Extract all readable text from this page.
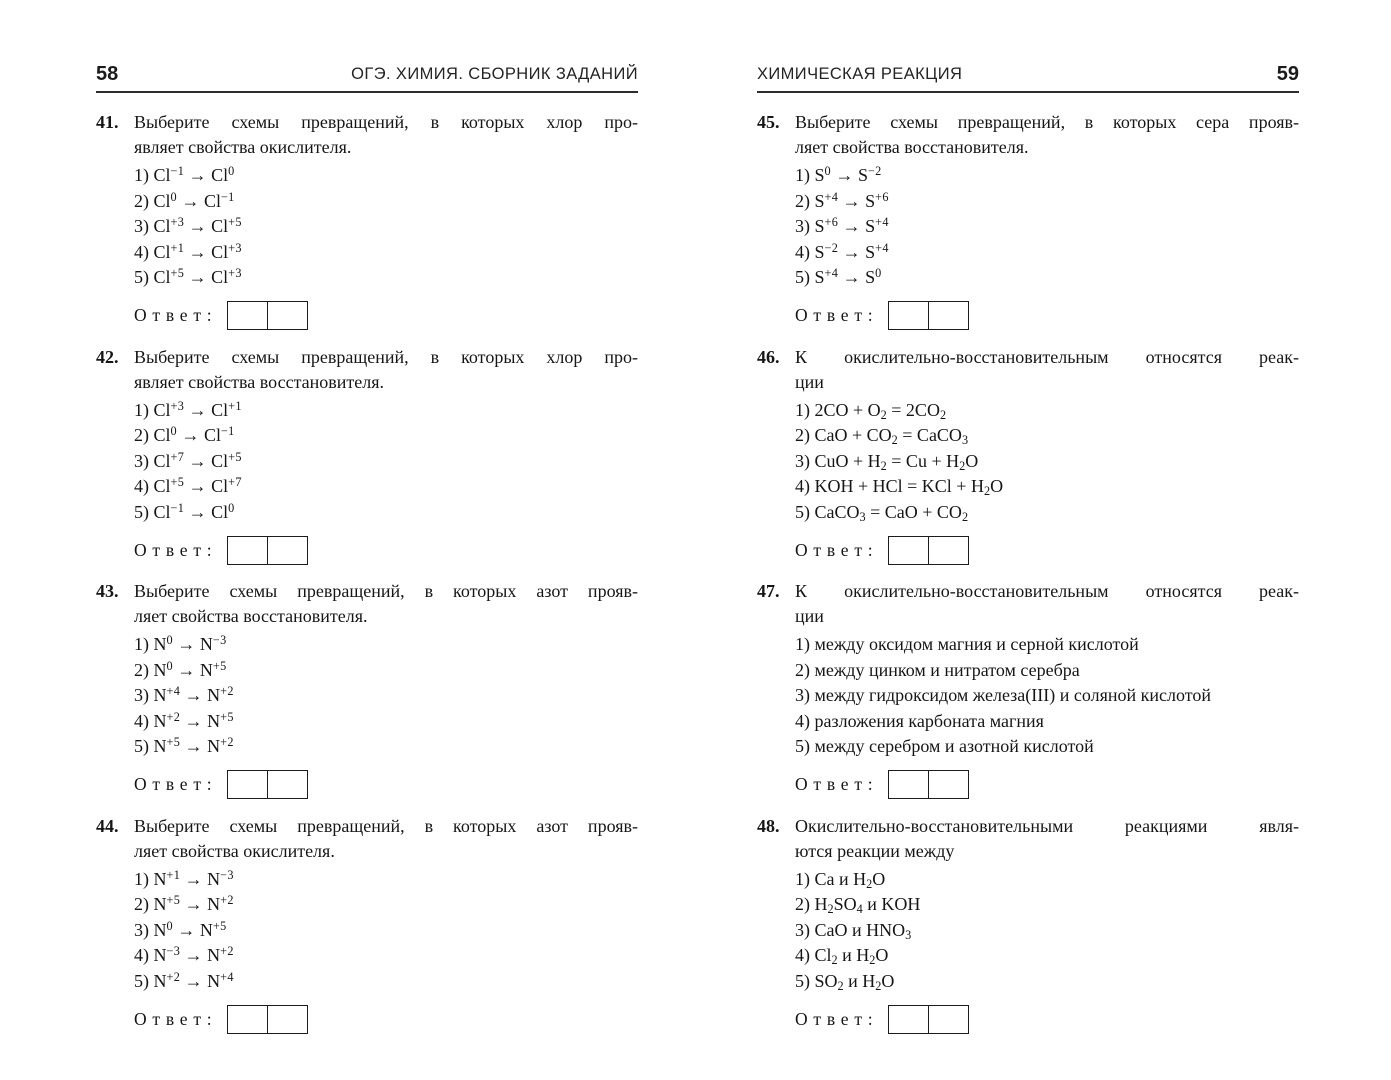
58	ОГЭ. ХИМИЯ. СБОРНИК ЗАДАНИЙ
41. Выберите схемы превращений, в которых хлор про-
являет свойства окислителя.
1) $Cl^{-1} \to Cl^0$
2) $Cl^0 \to Cl^{-1}$
3) $Cl^{+3} \to Cl^{+5}$
4) $Cl^{+1} \to Cl^{+3}$
5) $Cl^{+5} \to Cl^{+3}$
Ответ:
42. Выберите схемы превращений, в которых хлор про-
являет свойства восстановителя.
1) $Cl^{+3} \to Cl^{+1}$
2) $Cl^0 \to Cl^{-1}$
3) $Cl^{+7} \to Cl^{+5}$
4) $Cl^{+5} \to Cl^{+7}$
5) $Cl^{-1} \to Cl^0$
Ответ:
43. Выберите схемы превращений, в которых азот прояв-
ляет свойства восстановителя.
1) $N^0 \to N^{-3}$
2) $N^0 \to N^{+5}$
3) $N^{+4} \to N^{+2}$
4) $N^{+2} \to N^{+5}$
5) $N^{+5} \to N^{+2}$
Ответ:
44. Выберите схемы превращений, в которых азот прояв-
ляет свойства окислителя.
1) $N^{+1} \to N^{-3}$
2) $N^{+5} \to N^{+2}$
3) $N^0 \to N^{+5}$
4) $N^{-3} \to N^{+2}$
5) $N^{+2} \to N^{+4}$
Ответ:
ХИМИЧЕСКАЯ РЕАКЦИЯ	59
45. Выберите схемы превращений, в которых сера прояв-
ляет свойства восстановителя.
1) $S^0 \to S^{-2}$
2) $S^{+4} \to S^{+6}$
3) $S^{+6} \to S^{+4}$
4) $S^{-2} \to S^{+4}$
5) $S^{+4} \to S^0$
Ответ:
46. К окислительно-восстановительным относятся реак-
ции
1) $2CO + O_2 = 2CO_2$
2) CaO + $CO_2$ = CaCO$_3$
3) CuO + $H_2 = Cu + H_2O$
4) KOH + HCl = KCl + $H_2O$
5) CaCO$_3$ = CaO + $CO_2$
Ответ:
47. К окислительно-восстановительным относятся реак-
ции
1) между оксидом магния и серной кислотой
2) между цинком и нитратом серебра
3) между гидроксидом железа(III) и соляной кислотой
4) разложения карбоната магния
5) между серебром и азотной кислотой
Ответ:
48. Окислительно-восстановительными реакциями явля-
ются реакции между
1) Ca и $H_2O$
2) $H_2SO_4$ и KOH
3) CaO и $HNO_3$
4) $Cl_2$ и $H_2O$
5) $SO_2$ и $H_2O$
Ответ:
